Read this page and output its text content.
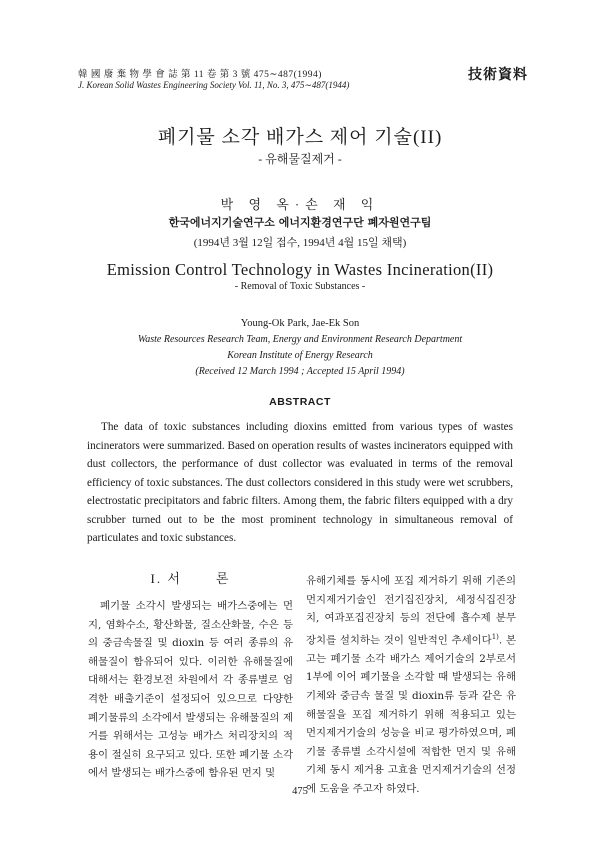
韓 國 廢 棄 物 學 會 誌 第 11 卷 第 3 號 475∼487(1994)
J. Korean Solid Wastes Engineering Society Vol. 11, No. 3, 475∼487(1944)
技術資料
폐기물 소각 배가스 제어 기술(II)
- 유해물질제거 -
박 영 옥·손 재 익
한국에너지기술연구소 에너지환경연구단 폐자원연구팀
(1994년 3월 12일 접수, 1994년 4월 15일 채택)
Emission Control Technology in Wastes Incineration(II)
- Removal of Toxic Substances -
Young-Ok Park, Jae-Ek Son
Waste Resources Research Team, Energy and Environment Research Department
Korean Institute of Energy Research
(Received 12 March 1994 ; Accepted 15 April 1994)
ABSTRACT
The data of toxic substances including dioxins emitted from various types of wastes incinerators were summarized. Based on operation results of wastes incinerators equipped with dust collectors, the performance of dust collector was evaluated in terms of the removal efficiency of toxic substances. The dust collectors considered in this study were wet scrubbers, electrostatic precipitators and fabric filters. Among them, the fabric filters equipped with a dry scrubber turned out to be the most prominent technology in simultaneous removal of particulates and toxic substances.
I. 서	론
폐기물 소각시 발생되는 배가스중에는 먼지, 염화수소, 황산화물, 질소산화물, 수은 등의 중금속물질 및 dioxin 등 여러 종류의 유해물질이 함유되어 있다. 이러한 유해물질에 대해서는 환경보전 차원에서 각 종류별로 엄격한 배출기준이 설정되어 있으므로 다양한 폐기물류의 소각에서 발생되는 유해물질의 제거를 위해서는 고성능 배가스 처리장치의 적용이 절실히 요구되고 있다. 또한 폐기물 소각에서 발생되는 배가스중에 함유된 먼지 및
유해기체를 동시에 포집 제거하기 위해 기존의 먼지제거기술인 전기집진장치, 세정식집진장치, 여과포집진장치 등의 전단에 흡수제 분무장치를 설치하는 것이 일반적인 추세이다$^{1)}$. 본고는 폐기물 소각 배가스 제어기술의 2부로서 1부에 이어 폐기물을 소각할 때 발생되는 유해기체와 중금속 물질 및 dioxin류 등과 같은 유해물질을 포집 제거하기 위해 적용되고 있는 먼지제거기술의 성능을 비교 평가하였으며, 폐기물 종류별 소각시설에 적합한 먼지 및 유해기체 동시 제거용 고효율 먼지제거기술의 선정에 도움을 주고자 하였다.
475
